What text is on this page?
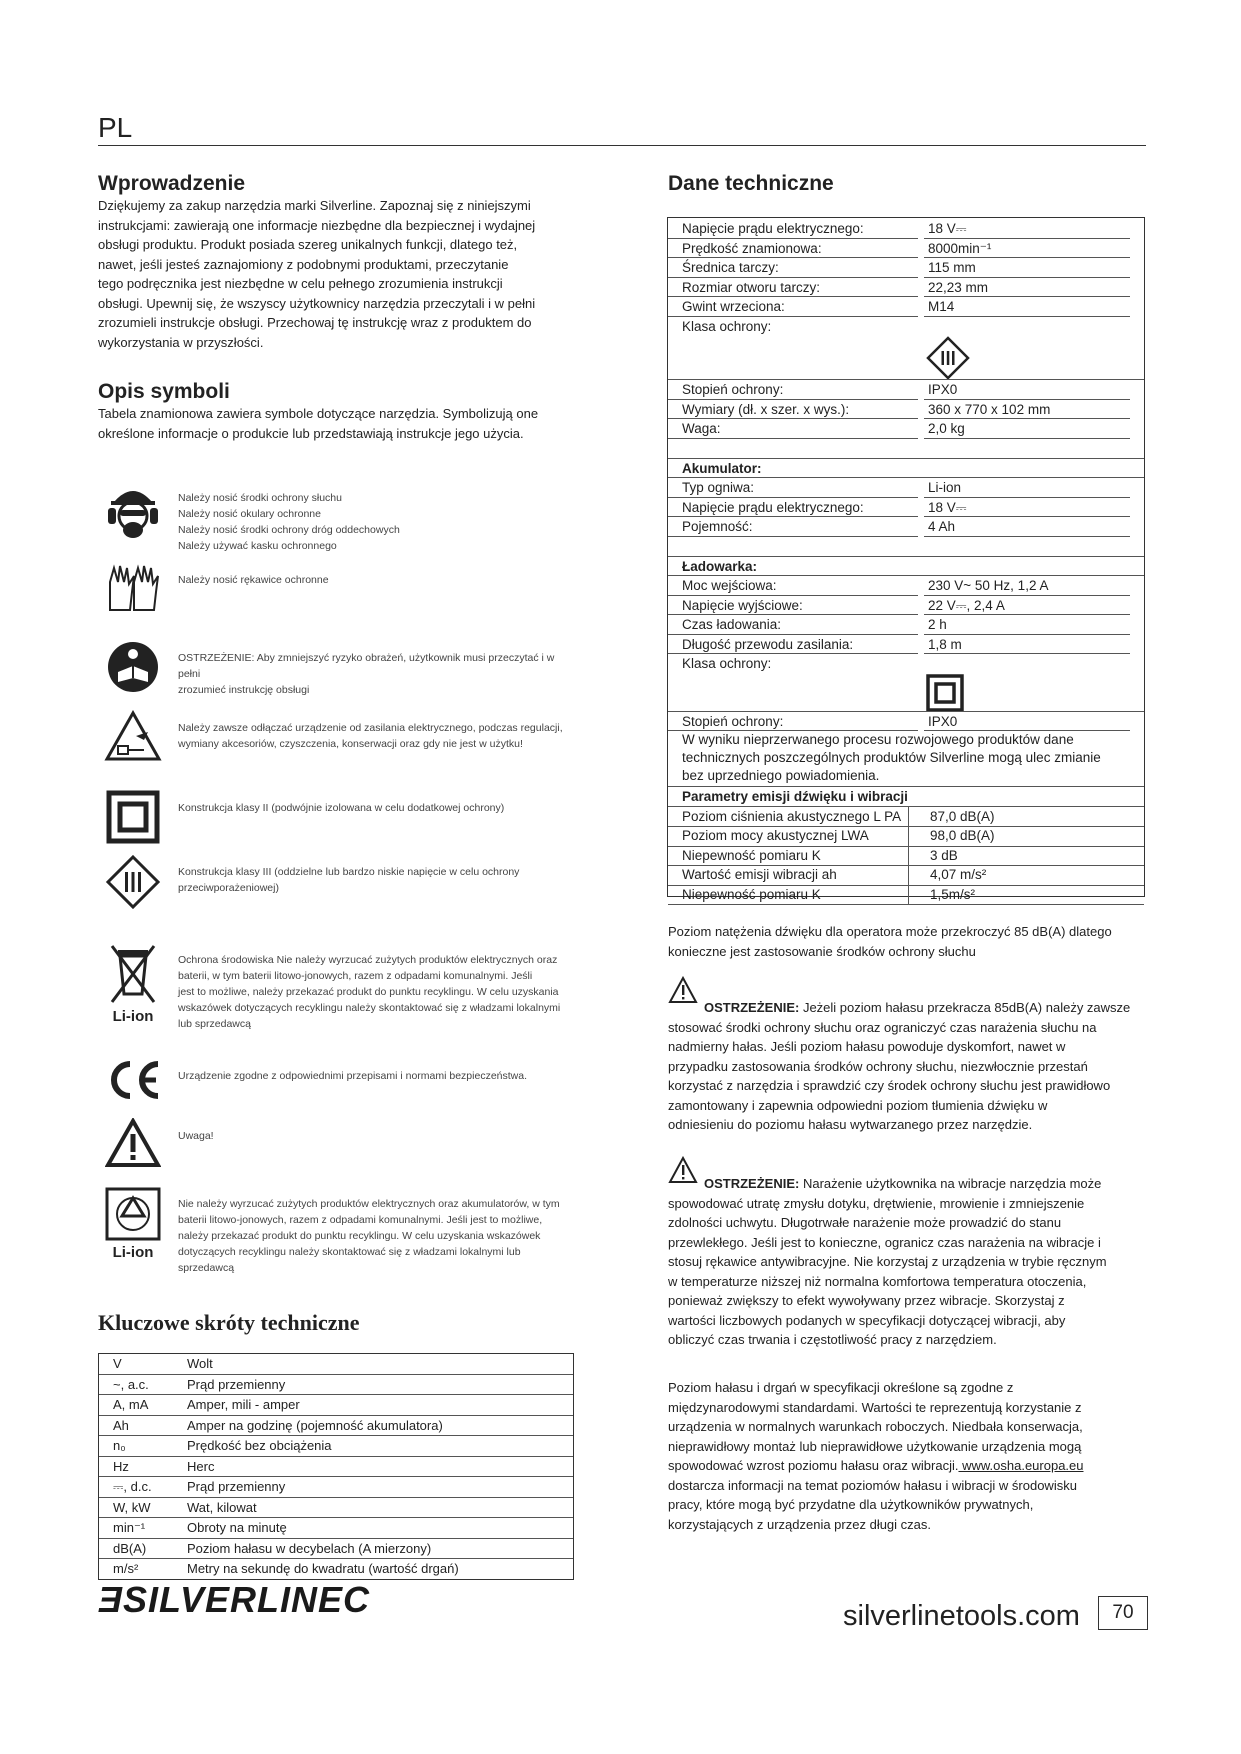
PL
Wprowadzenie
Dziękujemy za zakup narzędzia marki Silverline. Zapoznaj się z niniejszymi
instrukcjami: zawierają one informacje niezbędne dla bezpiecznej i wydajnej
obsługi produktu. Produkt posiada szereg unikalnych funkcji, dlatego też,
nawet, jeśli jesteś zaznajomiony z podobnymi produktami, przeczytanie
tego podręcznika jest niezbędne w celu pełnego zrozumienia instrukcji
obsługi. Upewnij się, że wszyscy użytkownicy narzędzia przeczytali i w pełni
zrozumieli instrukcje obsługi. Przechowaj tę instrukcję wraz z produktem do
wykorzystania w przyszłości.
Opis symboli
Tabela znamionowa zawiera symbole dotyczące narzędzia. Symbolizują one
określone informacje o produkcie lub przedstawiają instrukcje jego użycia.
Należy nosić środki ochrony słuchu
Należy nosić okulary ochronne
Należy nosić środki ochrony dróg oddechowych
Należy używać kasku ochronnego
Należy nosić rękawice ochronne
OSTRZEŻENIE: Aby zmniejszyć ryzyko obrażeń, użytkownik musi przeczytać i w pełni
zrozumieć instrukcję obsługi
Należy zawsze odłączać urządzenie od zasilania elektrycznego, podczas regulacji,
wymiany akcesoriów, czyszczenia, konserwacji oraz gdy nie jest w użytku!
Konstrukcja klasy II (podwójnie izolowana w celu dodatkowej ochrony)
Konstrukcja klasy III (oddzielne lub bardzo niskie napięcie w celu ochrony
przeciwporażeniowej)
Li-ion
Ochrona środowiska Nie należy wyrzucać zużytych produktów elektrycznych oraz
baterii, w tym baterii litowo-jonowych, razem z odpadami komunalnymi. Jeśli
jest to możliwe, należy przekazać produkt do punktu recyklingu. W celu uzyskania
wskazówek dotyczących recyklingu należy skontaktować się z władzami lokalnymi
lub sprzedawcą
Urządzenie zgodne z odpowiednimi przepisami i normami bezpieczeństwa.
Uwaga!
Li-ion
Nie należy wyrzucać zużytych produktów elektrycznych oraz akumulatorów, w tym
baterii litowo-jonowych, razem z odpadami komunalnymi. Jeśli jest to możliwe,
należy przekazać produkt do punktu recyklingu. W celu uzyskania wskazówek
dotyczących recyklingu należy skontaktować się z władzami lokalnymi lub sprzedawcą
Kluczowe skróty techniczne
V	Wolt
~, a.c.	Prąd przemienny
A, mA	Amper, mili - amper
Ah	Amper na godzinę (pojemność akumulatora)
n₀	Prędkość bez obciążenia
Hz	Herc
⎓, d.c.	Prąd przemienny
W, kW	Wat, kilowat
min⁻¹	Obroty na minutę
dB(A)	Poziom hałasu w decybelach (A mierzony)
m/s²	Metry na sekundę do kwadratu (wartość drgań)
ƎSILVERLINEC
Dane techniczne
Napięcie prądu elektrycznego:	18 V⎓
Prędkość znamionowa:	8000min⁻¹
Średnica tarczy:	115 mm
Rozmiar otworu tarczy:	22,23 mm
Gwint wrzeciona:	M14
Klasa ochrony:
Stopień ochrony:	IPX0
Wymiary (dł. x szer. x wys.):	360 x 770 x 102 mm
Waga:	2,0 kg
Akumulator:
Typ ogniwa:	Li-ion
Napięcie prądu elektrycznego:	18 V⎓
Pojemność:	4 Ah
Ładowarka:
Moc wejściowa:	230 V~ 50 Hz, 1,2 A
Napięcie wyjściowe:	22 V⎓, 2,4 A
Czas ładowania:	2 h
Długość przewodu zasilania:	1,8 m
Klasa ochrony:
Stopień ochrony:	IPX0
W wyniku nieprzerwanego procesu rozwojowego produktów dane
technicznych poszczególnych produktów Silverline mogą ulec zmianie
bez uprzedniego powiadomienia.
Parametry emisji dźwięku i wibracji
Poziom ciśnienia akustycznego L PA 87,0 dB(A)
Poziom mocy akustycznej LWA	98,0 dB(A)
Niepewność pomiaru K	3 dB
Wartość emisji wibracji ah	4,07 m/s²
Niepewność pomiaru K	1,5m/s²
Poziom natężenia dźwięku dla operatora może przekroczyć 85 dB(A) dlatego
konieczne jest zastosowanie środków ochrony słuchu
OSTRZEŻENIE: Jeżeli poziom hałasu przekracza 85dB(A) należy zawsze
stosować środki ochrony słuchu oraz ograniczyć czas narażenia słuchu na
nadmierny hałas. Jeśli poziom hałasu powoduje dyskomfort, nawet w
przypadku zastosowania środków ochrony słuchu, niezwłocznie przestań
korzystać z narzędzia i sprawdzić czy środek ochrony słuchu jest prawidłowo
zamontowany i zapewnia odpowiedni poziom tłumienia dźwięku w
odniesieniu do poziomu hałasu wytwarzanego przez narzędzie.
OSTRZEŻENIE: Narażenie użytkownika na wibracje narzędzia może
spowodować utratę zmysłu dotyku, drętwienie, mrowienie i zmniejszenie
zdolności uchwytu. Długotrwałe narażenie może prowadzić do stanu
przewlekłego. Jeśli jest to konieczne, ogranicz czas narażenia na wibracje i
stosuj rękawice antywibracyjne. Nie korzystaj z urządzenia w trybie ręcznym
w temperaturze niższej niż normalna komfortowa temperatura otoczenia,
ponieważ zwiększy to efekt wywoływany przez wibracje. Skorzystaj z
wartości liczbowych podanych w specyfikacji dotyczącej wibracji, aby
obliczyć czas trwania i częstotliwość pracy z narzędziem.
Poziom hałasu i drgań w specyfikacji określone są zgodne z
międzynarodowymi standardami. Wartości te reprezentują korzystanie z
urządzenia w normalnych warunkach roboczych. Niedbała konserwacja,
nieprawidłowy montaż lub nieprawidłowe użytkowanie urządzenia mogą
spowodować wzrost poziomu hałasu oraz wibracji. www.osha.europa.eu
dostarcza informacji na temat poziomów hałasu i wibracji w środowisku
pracy, które mogą być przydatne dla użytkowników prywatnych,
korzystających z urządzenia przez długi czas.
silverlinetools.com	70
